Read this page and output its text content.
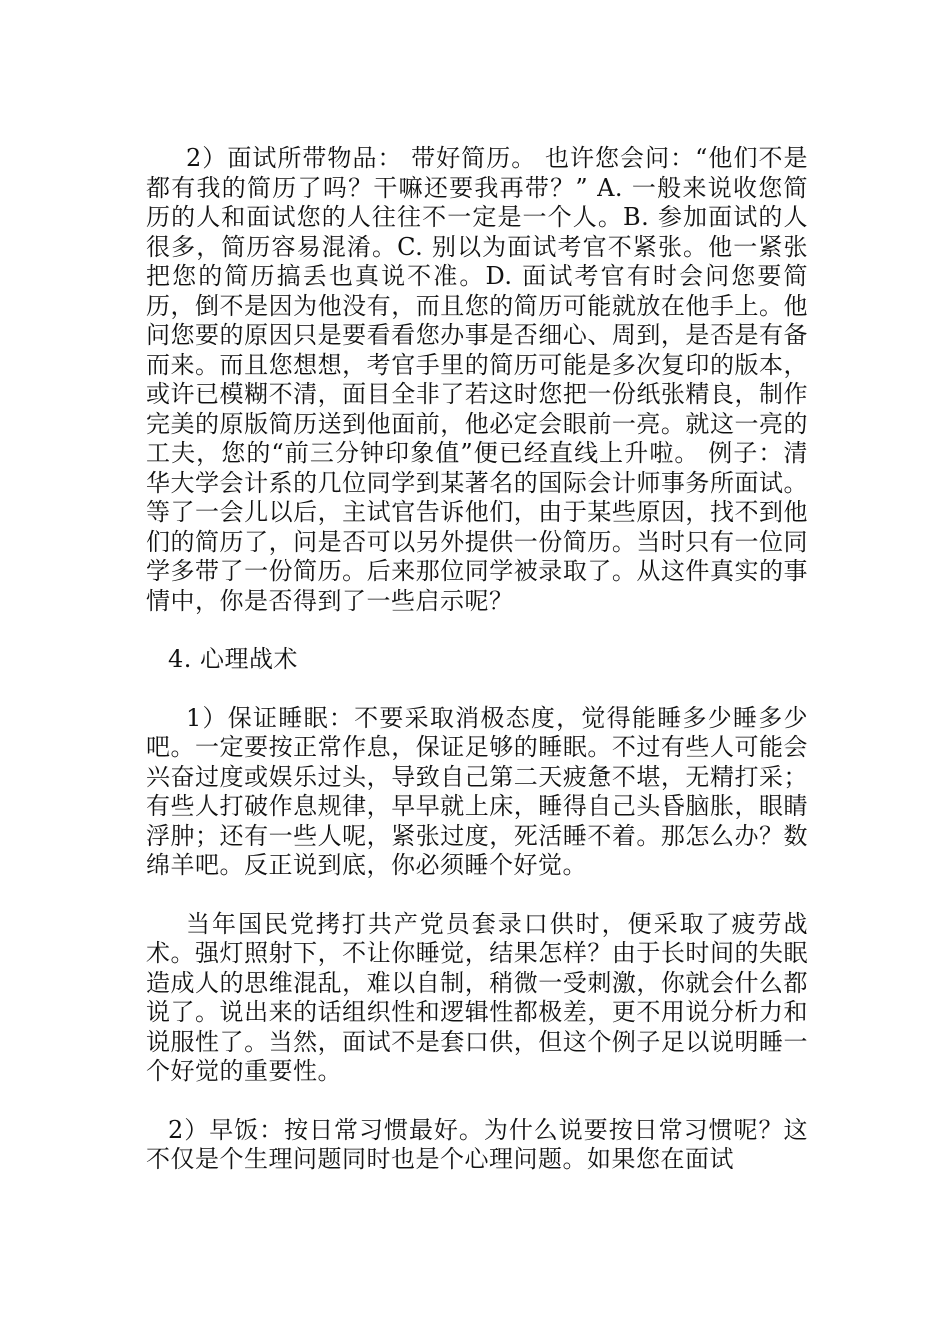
2）面试所带物品： 带好简历。 也许您会问：“他们不是都有我的简历了吗？干嘛还要我再带？” A. 一般来说收您简历的人和面试您的人往往不一定是一个人。B. 参加面试的人很多，简历容易混淆。C. 别以为面试考官不紧张。他一紧张把您的简历搞丢也真说不准。D. 面试考官有时会问您要简历，倒不是因为他没有，而且您的简历可能就放在他手上。他问您要的原因只是要看看您办事是否细心、周到，是否是有备而来。而且您想想，考官手里的简历可能是多次复印的版本，或许已模糊不清，面目全非了若这时您把一份纸张精良，制作完美的原版简历送到他面前，他必定会眼前一亮。就这一亮的工夫，您的“前三分钟印象值”便已经直线上升啦。 例子：清华大学会计系的几位同学到某著名的国际会计师事务所面试。等了一会儿以后，主试官告诉他们，由于某些原因，找不到他们的简历了，问是否可以另外提供一份简历。当时只有一位同学多带了一份简历。后来那位同学被录取了。从这件真实的事情中，你是否得到了一些启示呢？

4. 心理战术

1）保证睡眠：不要采取消极态度，觉得能睡多少睡多少吧。一定要按正常作息，保证足够的睡眠。不过有些人可能会兴奋过度或娱乐过头，导致自己第二天疲惫不堪，无精打采；有些人打破作息规律，早早就上床，睡得自己头昏脑胀，眼睛浮肿；还有一些人呢，紧张过度，死活睡不着。那怎么办？数绵羊吧。反正说到底，你必须睡个好觉。

当年国民党拷打共产党员套录口供时，便采取了疲劳战术。强灯照射下，不让你睡觉，结果怎样？由于长时间的失眠造成人的思维混乱，难以自制，稍微一受刺激，你就会什么都说了。说出来的话组织性和逻辑性都极差，更不用说分析力和说服性了。当然，面试不是套口供，但这个例子足以说明睡一个好觉的重要性。

2）早饭：按日常习惯最好。为什么说要按日常习惯呢？这不仅是个生理问题同时也是个心理问题。如果您在面试
